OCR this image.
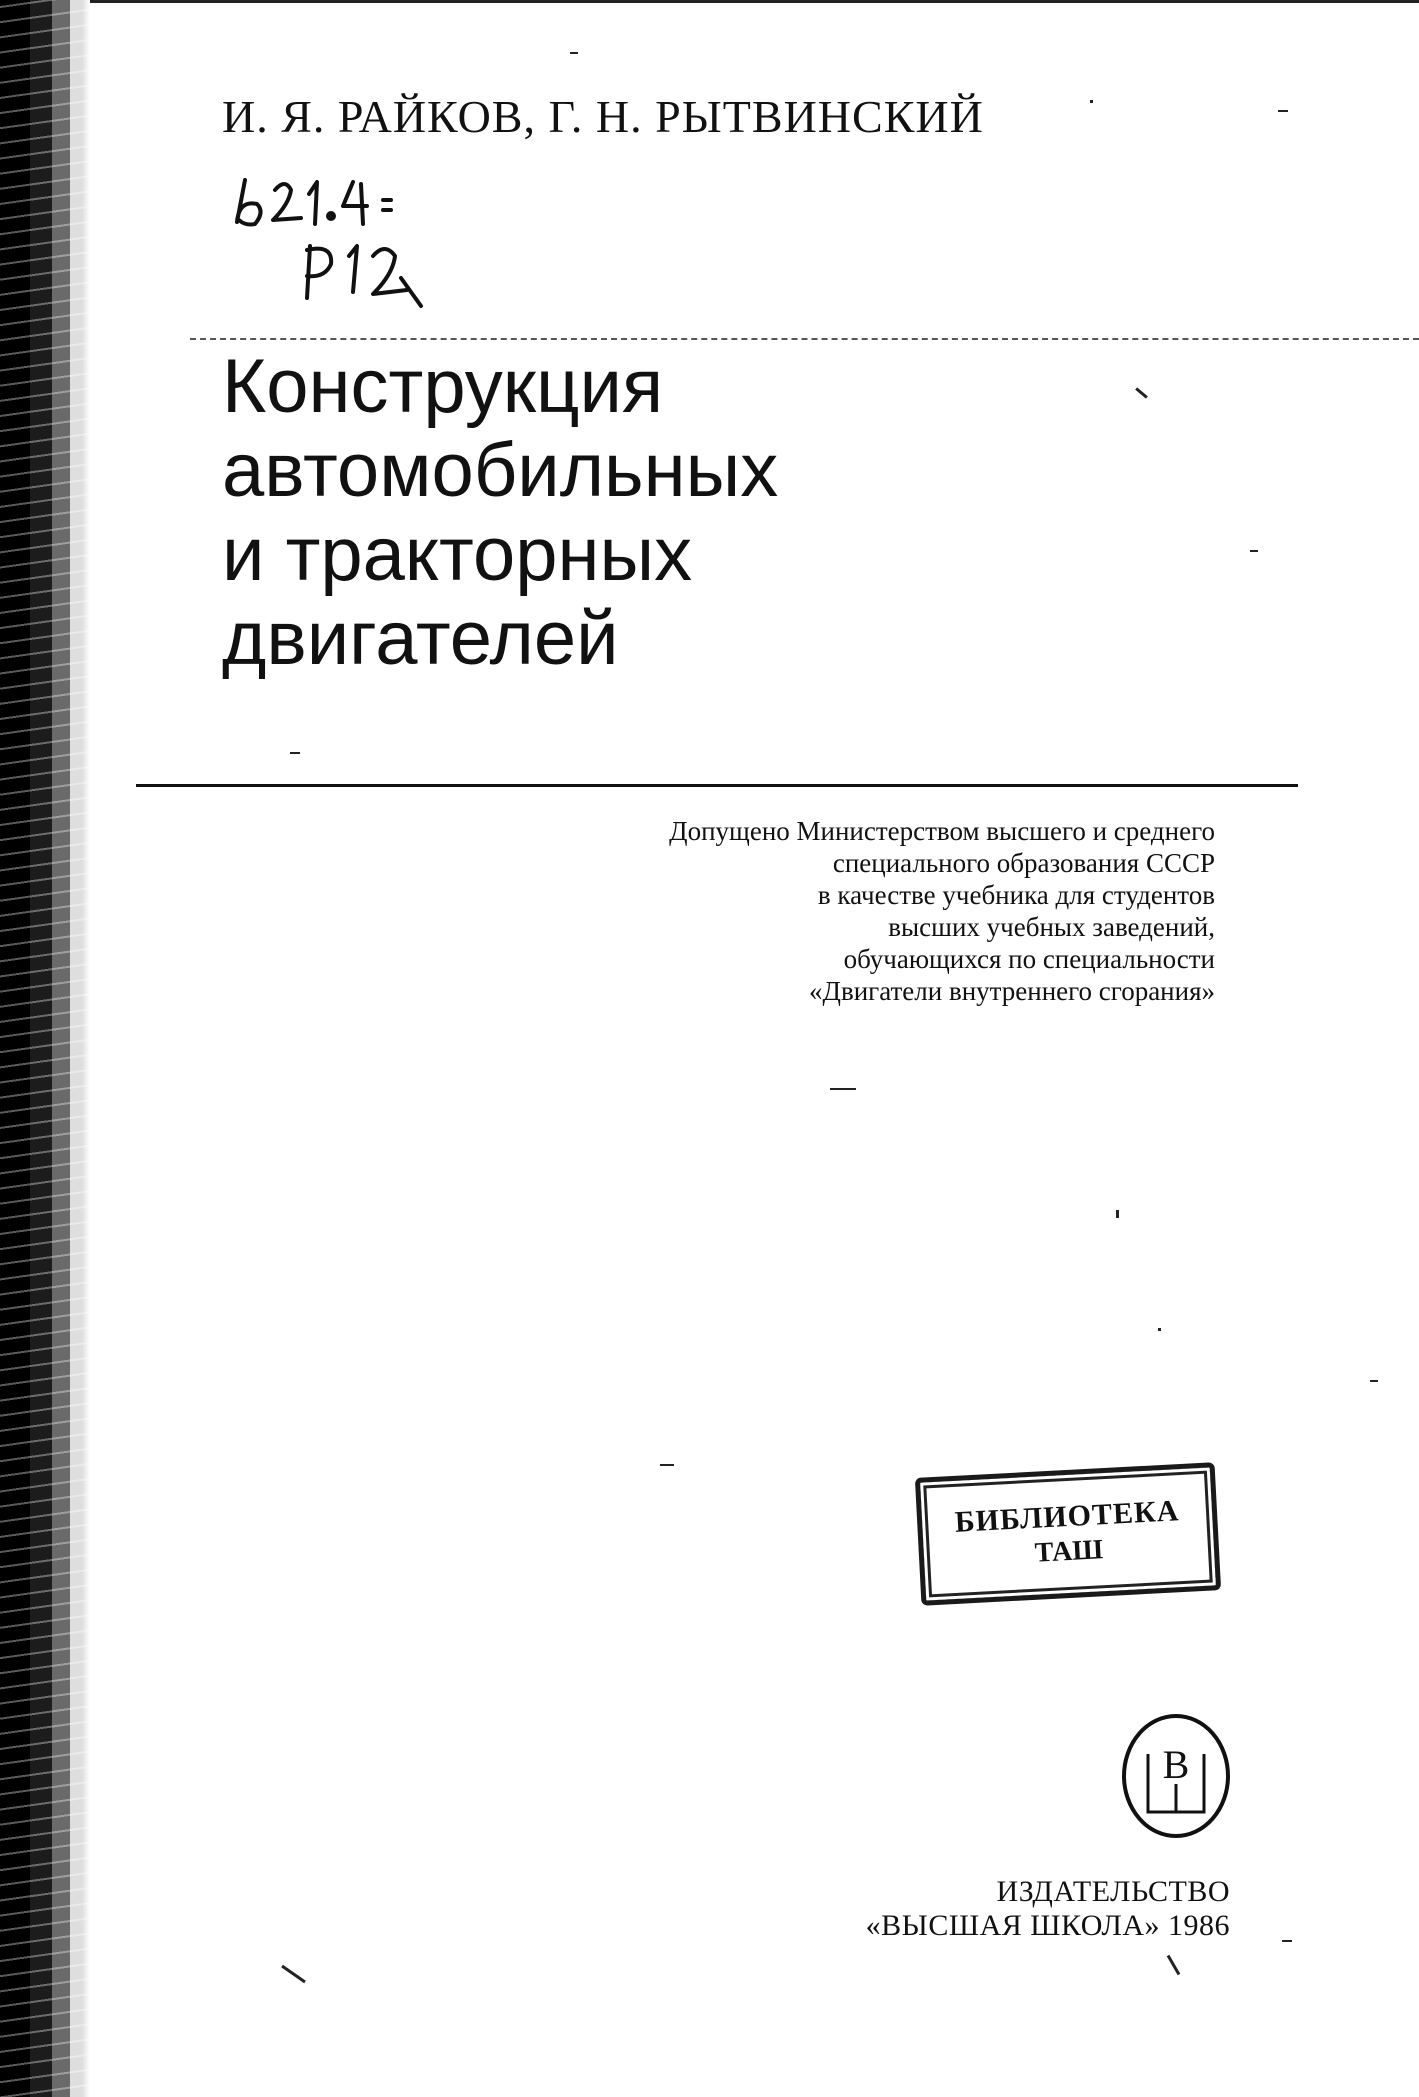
И. Я. РАЙКОВ, Г. Н. РЫТВИНСКИЙ
Конструкция
автомобильных
и тракторных
двигателей
Допущено Министерством высшего и среднего
специального образования СССР
в качестве учебника для студентов
высших учебных заведений,
обучающихся по специальности
«Двигатели внутреннего сгорания»
БИБЛИОТЕКА
ТАШ
В
ИЗДАТЕЛЬСТВО
«ВЫСШАЯ ШКОЛА» 1986
